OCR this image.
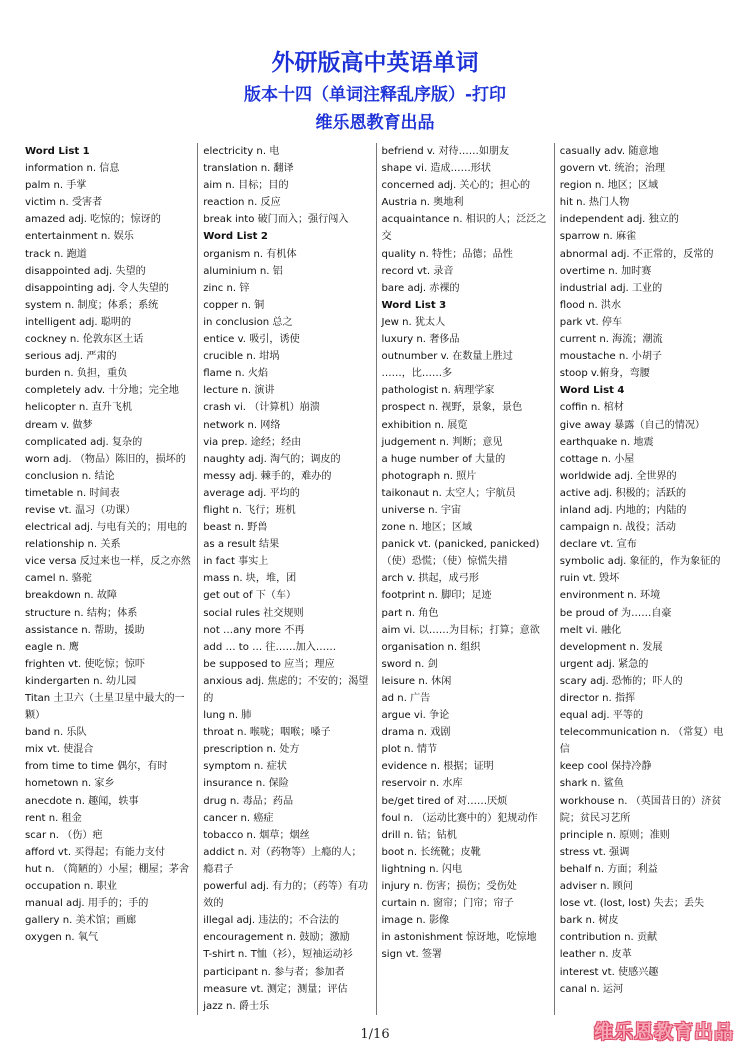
外研版高中英语单词
版本十四（单词注释乱序版）-打印
维乐恩教育出品
Word List 1
information n. 信息
palm n. 手掌
victim n. 受害者
amazed adj. 吃惊的；惊讶的
entertainment n. 娱乐
track n. 跑道
disappointed adj. 失望的
disappointing adj. 令人失望的
system n. 制度；体系；系统
intelligent adj. 聪明的
cockney n. 伦敦东区土话
serious adj. 严肃的
burden n. 负担，重负
completely adv. 十分地；完全地
helicopter n. 直升飞机
dream v. 做梦
complicated adj. 复杂的
worn adj. （物品）陈旧的，损坏的
conclusion n. 结论
timetable n. 时间表
revise vt. 温习（功课）
electrical adj. 与电有关的；用电的
relationship n. 关系
vice versa 反过来也一样，反之亦然
camel n. 骆驼
breakdown n. 故障
structure n. 结构；体系
assistance n. 帮助，援助
eagle n. 鹰
frighten vt. 使吃惊；惊吓
kindergarten n. 幼儿园
Titan 土卫六（土星卫星中最大的一颗）
band n. 乐队
mix vt. 使混合
from time to time 偶尔，有时
hometown n. 家乡
anecdote n. 趣闻，轶事
rent n. 租金
scar n. （伤）疤
afford vt. 买得起；有能力支付
hut n. （简陋的）小屋；棚屋；茅舍
occupation n. 职业
manual adj. 用手的；手的
gallery n. 美术馆；画廊
oxygen n. 氧气
electricity n. 电
translation n. 翻译
aim n. 目标；目的
reaction n. 反应
break into 破门而入；强行闯入
Word List 2
organism n. 有机体
aluminium n. 铝
zinc n. 锌
copper n. 铜
in conclusion 总之
entice v. 吸引，诱使
crucible n. 坩埚
flame n. 火焰
lecture n. 演讲
crash vi. （计算机）崩溃
network n. 网络
via prep. 途经；经由
naughty adj. 淘气的；调皮的
messy adj. 棘手的，难办的
average adj. 平均的
flight n. 飞行；班机
beast n. 野兽
as a result 结果
in fact 事实上
mass n. 块，堆，团
get out of 下（车）
social rules 社交规则
not …any more 不再
add … to … 往……加入……
be supposed to 应当；理应
anxious adj. 焦虑的；不安的；渴望的
lung n. 肺
throat n. 喉咙；咽喉；嗓子
prescription n. 处方
symptom n. 症状
insurance n. 保险
drug n. 毒品；药品
cancer n. 癌症
tobacco n. 烟草；烟丝
addict n. 对（药物等）上瘾的人；瘾君子
powerful adj. 有力的；（药等）有功效的
illegal adj. 违法的；不合法的
encouragement n. 鼓励；激励
T-shirt n. T恤（衫），短袖运动衫
participant n. 参与者；参加者
measure vt. 测定；测量；评估
jazz n. 爵士乐
befriend v. 对待……如朋友
shape vi. 造成……形状
concerned adj. 关心的；担心的
Austria n. 奥地利
acquaintance n. 相识的人；泛泛之交
quality n. 特性；品德；品性
record vt. 录音
bare adj. 赤裸的
Word List 3
Jew n. 犹太人
luxury n. 奢侈品
outnumber v. 在数量上胜过
……，比……多
pathologist n. 病理学家
prospect n. 视野，景象，景色
exhibition n. 展览
judgement n. 判断；意见
a huge number of 大量的
photograph n. 照片
taikonaut n. 太空人；宇航员
universe n. 宇宙
zone n. 地区；区域
panick vt. (panicked, panicked)（使）恐慌；（使）惊慌失措
arch v. 拱起，成弓形
footprint n. 脚印；足迹
part n. 角色
aim vi. 以……为目标；打算；意欲
organisation n. 组织
sword n. 剑
leisure n. 休闲
ad n. 广告
argue vi. 争论
drama n. 戏剧
plot n. 情节
evidence n. 根据；证明
reservoir n. 水库
be/get tired of 对……厌烦
foul n. （运动比赛中的）犯规动作
drill n. 钻；钻机
boot n. 长统靴；皮靴
lightning n. 闪电
injury n. 伤害；损伤；受伤处
curtain n. 窗帘；门帘；帘子
image n. 影像
in astonishment 惊讶地，吃惊地
sign vt. 签署
casually adv. 随意地
govern vt. 统治；治理
region n. 地区；区域
hit n. 热门人物
independent adj. 独立的
sparrow n. 麻雀
abnormal adj. 不正常的，反常的
overtime n. 加时赛
industrial adj. 工业的
flood n. 洪水
park vt. 停车
current n. 海流；潮流
moustache n. 小胡子
stoop v.俯身，弯腰
Word List 4
coffin n. 棺材
give away 暴露（自己的情况）
earthquake n. 地震
cottage n. 小屋
worldwide adj. 全世界的
active adj. 积极的；活跃的
inland adj. 内地的；内陆的
campaign n. 战役；活动
declare vt. 宣布
symbolic adj. 象征的，作为象征的
ruin vt. 毁坏
environment n. 环境
be proud of 为……自豪
melt vi. 融化
development n. 发展
urgent adj. 紧急的
scary adj. 恐怖的；吓人的
director n. 指挥
equal adj. 平等的
telecommunication n. （常复）电信
keep cool 保持冷静
shark n. 鲨鱼
workhouse n. （英国昔日的）济贫院；贫民习艺所
principle n. 原则；准则
stress vt. 强调
behalf n. 方面；利益
adviser n. 顾问
lose vt. (lost, lost) 失去；丢失
bark n. 树皮
contribution n. 贡献
leather n. 皮革
interest vt. 使感兴趣
canal n. 运河
1/16	维乐恩教育出品
